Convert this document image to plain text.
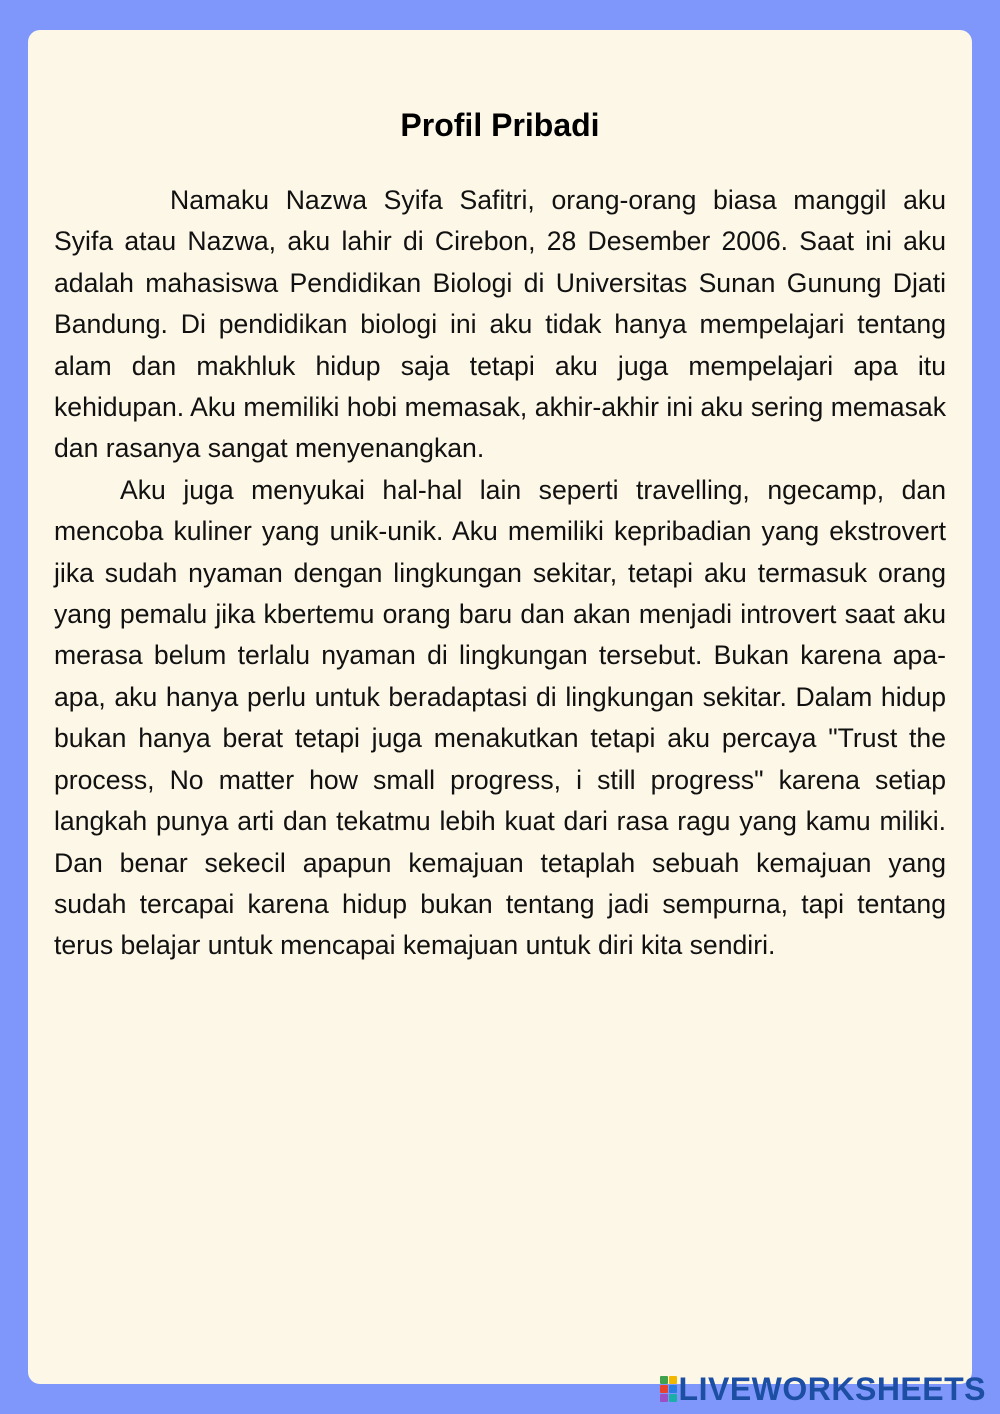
Profil Pribadi

Namaku Nazwa Syifa Safitri, orang-orang biasa manggil aku Syifa atau Nazwa, aku lahir di Cirebon, 28 Desember 2006. Saat ini aku adalah mahasiswa Pendidikan Biologi di Universitas Sunan Gunung Djati Bandung. Di pendidikan biologi ini aku tidak hanya mempelajari tentang alam dan makhluk hidup saja tetapi aku juga mempelajari apa itu kehidupan. Aku memiliki hobi memasak, akhir-akhir ini aku sering memasak dan rasanya sangat menyenangkan.

Aku juga menyukai hal-hal lain seperti travelling, ngecamp, dan mencoba kuliner yang unik-unik. Aku memiliki kepribadian yang ekstrovert jika sudah nyaman dengan lingkungan sekitar, tetapi aku termasuk orang yang pemalu jika kbertemu orang baru dan akan menjadi introvert saat aku merasa belum terlalu nyaman di lingkungan tersebut. Bukan karena apa-apa, aku hanya perlu untuk beradaptasi di lingkungan sekitar. Dalam hidup bukan hanya berat tetapi juga menakutkan tetapi aku percaya "Trust the process, No matter how small progress, i still progress" karena setiap langkah punya arti dan tekatmu lebih kuat dari rasa ragu yang kamu miliki. Dan benar sekecil apapun kemajuan tetaplah sebuah kemajuan yang sudah tercapai karena hidup bukan tentang jadi sempurna, tapi tentang terus belajar untuk mencapai kemajuan untuk diri kita sendiri.

LIVEWORKSHEETS
